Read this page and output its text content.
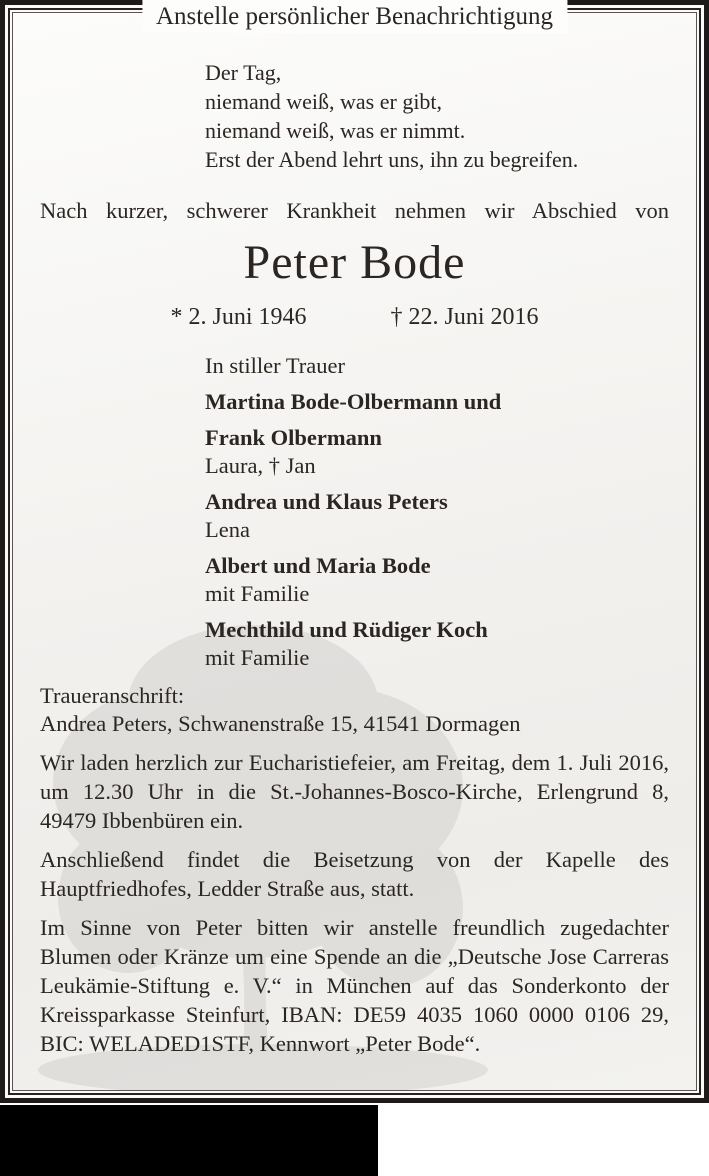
Der Tag,
niemand weiß, was er gibt,
niemand weiß, was er nimmt.
Erst der Abend lehrt uns, ihn zu begreifen.
Nach kurzer, schwerer Krankheit nehmen wir Abschied von
Peter Bode
* 2. Juni 1946	† 22. Juni 2016
In stiller Trauer
Martina Bode-Olbermann und
Frank Olbermann
Laura, † Jan
Andrea und Klaus Peters
Lena
Albert und Maria Bode
mit Familie
Mechthild und Rüdiger Koch
mit Familie
Traueranschrift:
Andrea Peters, Schwanenstraße 15, 41541 Dormagen

Wir laden herzlich zur Eucharistiefeier, am Freitag, dem 1. Juli 2016, um 12.30 Uhr in die St.-Johannes-Bosco-Kirche, Erlengrund 8, 49479 Ibbenbüren ein.

Anschließend findet die Beisetzung von der Kapelle des Hauptfriedhofes, Ledder Straße aus, statt.

Im Sinne von Peter bitten wir anstelle freundlich zugedachter Blumen oder Kränze um eine Spende an die „Deutsche Jose Carreras Leukämie-Stiftung e. V.“ in München auf das Sonderkonto der Kreissparkasse Steinfurt, IBAN: DE59 4035 1060 0000 0106 29, BIC: WELADED1STF, Kennwort „Peter Bode“.

Anstelle persönlicher Benachrichtigung
